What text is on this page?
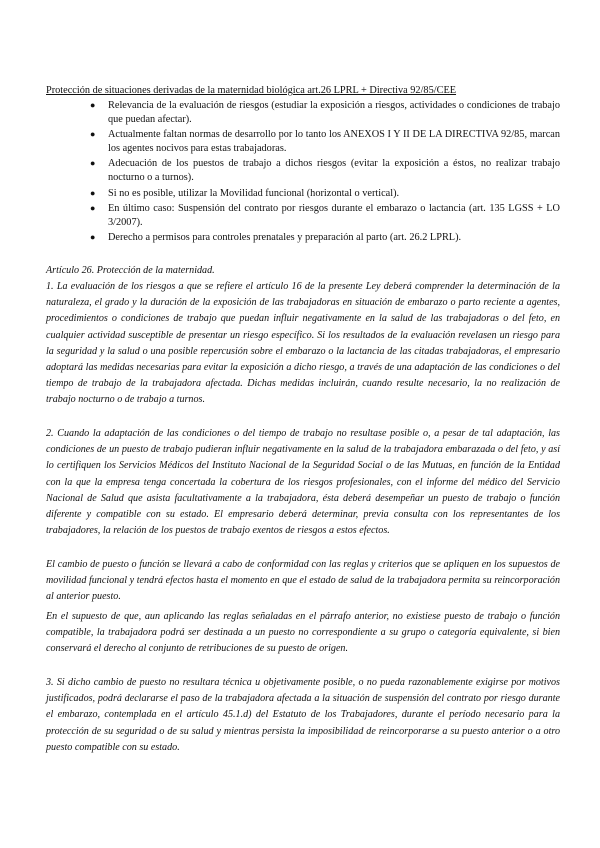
Protección de situaciones derivadas de la maternidad biológica art.26 LPRL + Directiva 92/85/CEE
● Relevancia de la evaluación de riesgos (estudiar la exposición a riesgos, actividades o condiciones de trabajo que puedan afectar).
● Actualmente faltan normas de desarrollo por lo tanto los ANEXOS I Y II DE LA DIRECTIVA 92/85, marcan los agentes nocivos para estas trabajadoras.
● Adecuación de los puestos de trabajo a dichos riesgos (evitar la exposición a éstos, no realizar trabajo nocturno o a turnos).
● Si no es posible, utilizar la Movilidad funcional (horizontal o vertical).
● En último caso: Suspensión del contrato por riesgos durante el embarazo o lactancia (art. 135 LGSS + LO 3/2007).
● Derecho a permisos para controles prenatales y preparación al parto (art. 26.2 LPRL).

Artículo 26. Protección de la maternidad.

1. La evaluación de los riesgos a que se refiere el artículo 16 de la presente Ley deberá comprender la determinación de la naturaleza, el grado y la duración de la exposición de las trabajadoras en situación de embarazo o parto reciente a agentes, procedimientos o condiciones de trabajo que puedan influir negativamente en la salud de las trabajadoras o del feto, en cualquier actividad susceptible de presentar un riesgo específico. Si los resultados de la evaluación revelasen un riesgo para la seguridad y la salud o una posible repercusión sobre el embarazo o la lactancia de las citadas trabajadoras, el empresario adoptará las medidas necesarias para evitar la exposición a dicho riesgo, a través de una adaptación de las condiciones o del tiempo de trabajo de la trabajadora afectada. Dichas medidas incluirán, cuando resulte necesario, la no realización de trabajo nocturno o de trabajo a turnos.

2. Cuando la adaptación de las condiciones o del tiempo de trabajo no resultase posible o, a pesar de tal adaptación, las condiciones de un puesto de trabajo pudieran influir negativamente en la salud de la trabajadora embarazada o del feto, y así lo certifiquen los Servicios Médicos del Instituto Nacional de la Seguridad Social o de las Mutuas, en función de la Entidad con la que la empresa tenga concertada la cobertura de los riesgos profesionales, con el informe del médico del Servicio Nacional de Salud que asista facultativamente a la trabajadora, ésta deberá desempeñar un puesto de trabajo o función diferente y compatible con su estado. El empresario deberá determinar, previa consulta con los representantes de los trabajadores, la relación de los puestos de trabajo exentos de riesgos a estos efectos.

El cambio de puesto o función se llevará a cabo de conformidad con las reglas y criterios que se apliquen en los supuestos de movilidad funcional y tendrá efectos hasta el momento en que el estado de salud de la trabajadora permita su reincorporación al anterior puesto.

En el supuesto de que, aun aplicando las reglas señaladas en el párrafo anterior, no existiese puesto de trabajo o función compatible, la trabajadora podrá ser destinada a un puesto no correspondiente a su grupo o categoría equivalente, si bien conservará el derecho al conjunto de retribuciones de su puesto de origen.

3. Si dicho cambio de puesto no resultara técnica u objetivamente posible, o no pueda razonablemente exigirse por motivos justificados, podrá declararse el paso de la trabajadora afectada a la situación de suspensión del contrato por riesgo durante el embarazo, contemplada en el artículo 45.1.d) del Estatuto de los Trabajadores, durante el período necesario para la protección de su seguridad o de su salud y mientras persista la imposibilidad de reincorporarse a su puesto anterior o a otro puesto compatible con su estado.
